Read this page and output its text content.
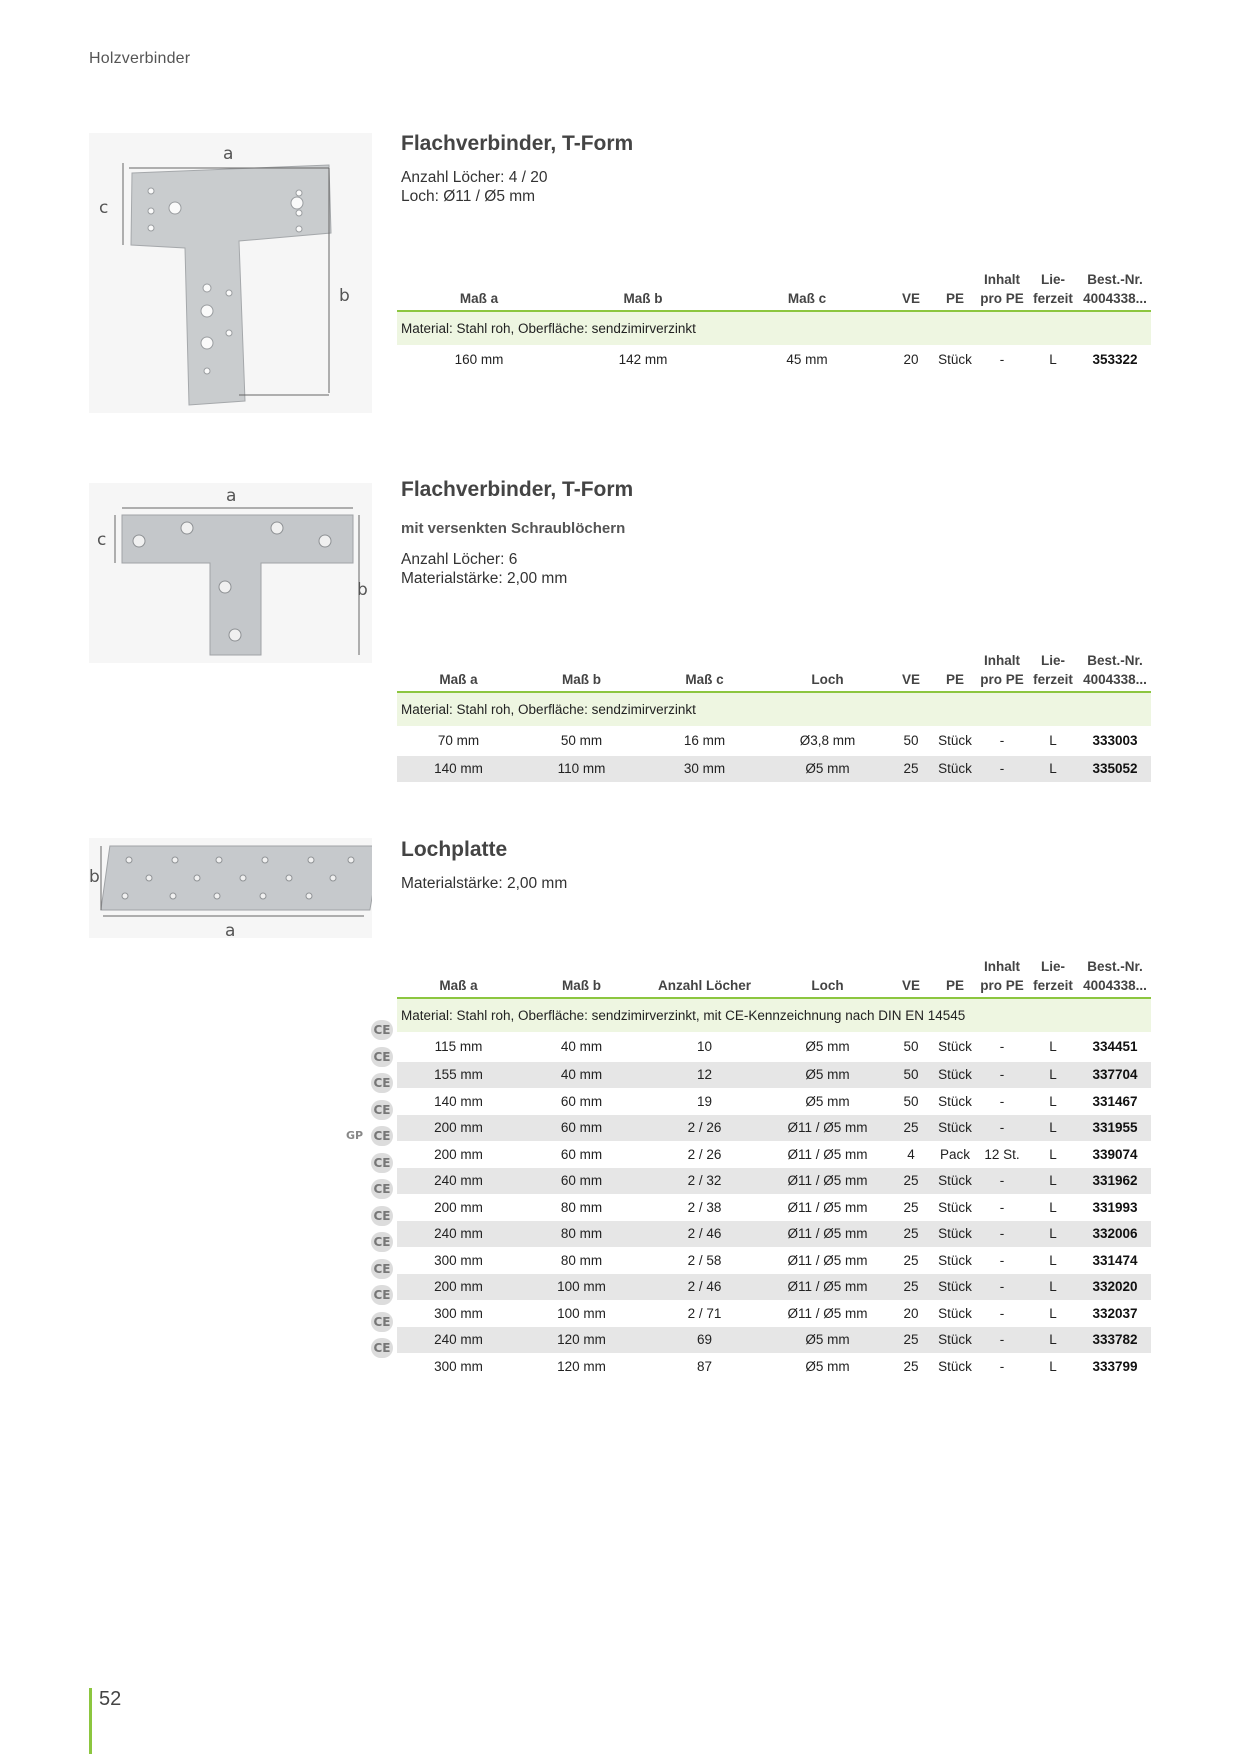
Holzverbinder
a
c
b
Flachverbinder, T-Form
Anzahl Löcher: 4 / 20
Loch: Ø11 / Ø5 mm
Maß a	Maß b	Maß c	VE	PE	Inhalt pro PE	Lie-ferzeit	Best.-Nr. 4004338...
Material: Stahl roh, Oberfläche: sendzimirverzinkt							
160 mm	142 mm	45 mm	20	Stück	-	L	353322
a
c
b
Flachverbinder, T-Form
mit versenkten Schraublöchern
Anzahl Löcher: 6
Materialstärke: 2,00 mm
Maß a	Maß b	Maß c	Loch	VE	PE	Inhalt pro PE	Lie-ferzeit	Best.-Nr. 4004338...
Material: Stahl roh, Oberfläche: sendzimirverzinkt								
70 mm	50 mm	16 mm	Ø3,8 mm	50	Stück	-	L	333003
140 mm	110 mm	30 mm	Ø5 mm	25	Stück	-	L	335052
a
b
Lochplatte
Materialstärke: 2,00 mm
Maß a	Maß b	Anzahl Löcher	Loch	VE	PE	Inhalt pro PE	Lie-ferzeit	Best.-Nr. 4004338...
Material: Stahl roh, Oberfläche: sendzimirverzinkt, mit CE-Kennzeichnung nach DIN EN 14545								
115 mm	40 mm	10	Ø5 mm	50	Stück	-	L	334451
155 mm	40 mm	12	Ø5 mm	50	Stück	-	L	337704
140 mm	60 mm	19	Ø5 mm	50	Stück	-	L	331467
200 mm	60 mm	2 / 26	Ø11 / Ø5 mm	25	Stück	-	L	331955
200 mm	60 mm	2 / 26	Ø11 / Ø5 mm	4	Pack	12 St.	L	339074
240 mm	60 mm	2 / 32	Ø11 / Ø5 mm	25	Stück	-	L	331962
200 mm	80 mm	2 / 38	Ø11 / Ø5 mm	25	Stück	-	L	331993
240 mm	80 mm	2 / 46	Ø11 / Ø5 mm	25	Stück	-	L	332006
300 mm	80 mm	2 / 58	Ø11 / Ø5 mm	25	Stück	-	L	331474
200 mm	100 mm	2 / 46	Ø11 / Ø5 mm	25	Stück	-	L	332020
300 mm	100 mm	2 / 71	Ø11 / Ø5 mm	20	Stück	-	L	332037
240 mm	120 mm	69	Ø5 mm	25	Stück	-	L	333782
300 mm	120 mm	87	Ø5 mm	25	Stück	-	L	333799
CE
CE
CE
CE
CE
GP
CE
CE
CE
CE
CE
CE
CE
CE
52
